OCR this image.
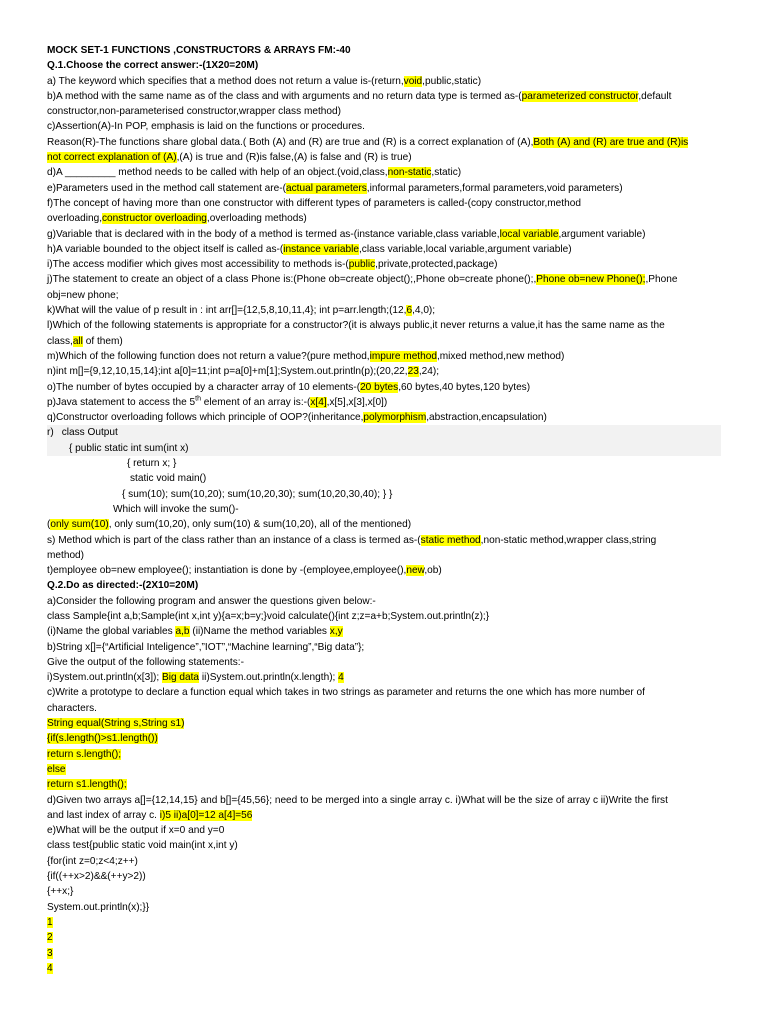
MOCK SET-1 FUNCTIONS ,CONSTRUCTORS & ARRAYS FM:-40
Q.1.Choose the correct answer:-(1X20=20M)
a) The keyword which specifies that a method does not return a value is-(return,void,public,static)
b)A method with the same name as of the class and with arguments and no return data type is termed as-(parameterized constructor,default
constructor,non-parameterised constructor,wrapper class method)
c)Assertion(A)-In POP, emphasis is laid on the functions or procedures.
Reason(R)-The functions share global data.( Both (A) and (R) are true and (R) is a correct explanation of (A),Both (A) and (R) are true and (R)is
not correct explanation of (A),(A) is true and (R)is false,(A) is false and (R) is true)
d)A _________ method needs to be called with help of an object.(void,class,non-static,static)
e)Parameters used in the method call statement are-(actual parameters,informal parameters,formal parameters,void parameters)
f)The concept of having more than one constructor with different types of parameters is called-(copy constructor,method
overloading,constructor overloading,overloading methods)
g)Variable that is declared with in the body of a method is termed as-(instance variable,class variable,local variable,argument variable)
h)A variable bounded to the object itself is called as-(instance variable,class variable,local variable,argument variable)
i)The access modifier which gives most accessibility to methods is-(public,private,protected,package)
j)The statement to create an object of a class Phone is:(Phone ob=create object();,Phone ob=create phone();,Phone ob=new Phone();,Phone
obj=new phone;
k)What will the value of p result in : int arr[]={12,5,8,10,11,4}; int p=arr.length;(12,6,4,0);
l)Which of the following statements is appropriate for a constructor?(it is always public,it never returns a value,it has the same name as the
class,all of them)
m)Which of the following function does not return a value?(pure method,impure method,mixed method,new method)
n)int m[]={9,12,10,15,14};int a[0]=11;int p=a[0]+m[1];System.out.println(p);(20,22,23,24);
o)The number of bytes occupied by a character array of 10 elements-(20 bytes,60 bytes,40 bytes,120 bytes)
p)Java statement to access the 5th element of an array is:-(x[4],x[5],x[3],x[0])
q)Constructor overloading follows which principle of OOP?(inheritance,polymorphism,abstraction,encapsulation)
r) class Output
{ public static int sum(int x)
{ return x; }
static void main()
{ sum(10); sum(10,20); sum(10,20,30); sum(10,20,30,40); } }
Which will invoke the sum()-
(only sum(10), only sum(10,20), only sum(10) & sum(10,20), all of the mentioned)
s) Method which is part of the class rather than an instance of a class is termed as-(static method,non-static method,wrapper class,string
method)
t)employee ob=new employee(); instantiation is done by -(employee,employee(),new,ob)
Q.2.Do as directed:-(2X10=20M)
a)Consider the following program and answer the questions given below:-
class Sample{int a,b;Sample(int x,int y){a=x;b=y;}void calculate(){int z;z=a+b;System.out.println(z);}
(i)Name the global variables a,b (ii)Name the method variables x,y
b)String x[]={“Artificial Inteligence”,”IOT”,“Machine learning”,“Big data”};
Give the output of the following statements:-
i)System.out.println(x[3]); Big data ii)System.out.println(x.length); 4
c)Write a prototype to declare a function equal which takes in two strings as parameter and returns the one which has more number of
characters.
String equal(String s,String s1)
{if(s.length()>s1.length())
return s.length();
else
return s1.length();
d)Given two arrays a[]={12,14,15} and b[]={45,56}; need to be merged into a single array c. i)What will be the size of array c ii)Write the first
and last index of array c. i)5 ii)a[0]=12 a[4]=56
e)What will be the output if x=0 and y=0
class test{public static void main(int x,int y)
{for(int z=0;z<4;z++)
{if((++x>2)&&(++y>2))
{++x;}
System.out.println(x);}}
1
2
3
4
